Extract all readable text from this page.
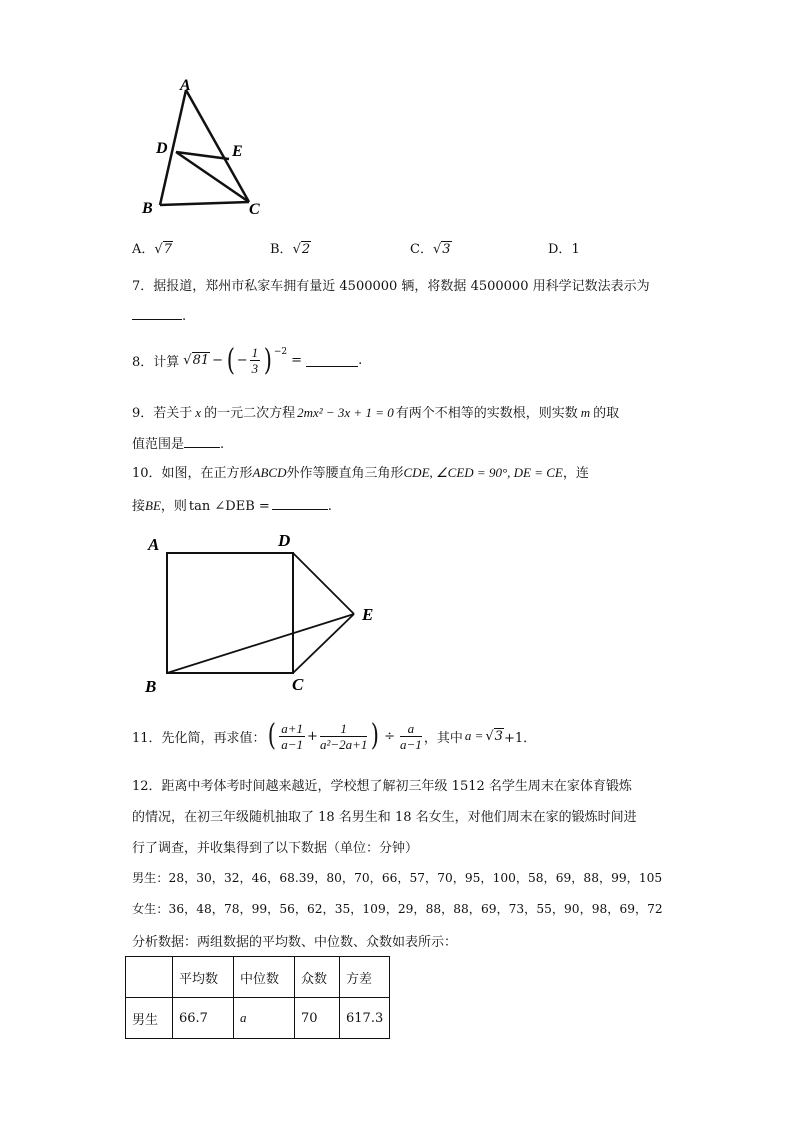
A
D	E
B	C
A．√7	B．√2	C．√3	D．1
7．据报道，郑州市私家车拥有量近 4500000 辆，将数据 4500000 用科学记数法表示为
.
8．计算 √81 − ( − $\frac{1}{3} )^{-2}$
=	.
9．若关于 x 的一元二次方程 2mx² − 3x + 1 = 0 有两个不相等的实数根，则实数 m 的取
值范围是	.
10．如图，在正方形ABCD外作等腰直角三角形CDE, ∠CED = 90°, DE = CE，连
接BE，则 tan ∠DEB =	.
A	D
E
B	C
11．先化简，再求值： ( $\frac{a+1}{a-1} + \frac{1}{\text{a²−2a+1}}$ ) ÷ $\frac{a}{a-1}$ ，其中 a = √3 +1．
12．距离中考体考时间越来越近，学校想了解初三年级 1512 名学生周末在家体育锻炼
的情况，在初三年级随机抽取了 18 名男生和 18 名女生，对他们周末在家的锻炼时间进
行了调查，并收集得到了以下数据（单位：分钟）
男生：28，30，32，46，68.39，80，70，66，57，70，95，100，58，69，88，99，105
女生：36，48，78，99，56，62，35，109，29，88，88，69，73，55，90，98，69，72
分析数据：两组数据的平均数、中位数、众数如表所示：
	平均数	中位数	众数	方差
男生	66.7	a	70	617.3
